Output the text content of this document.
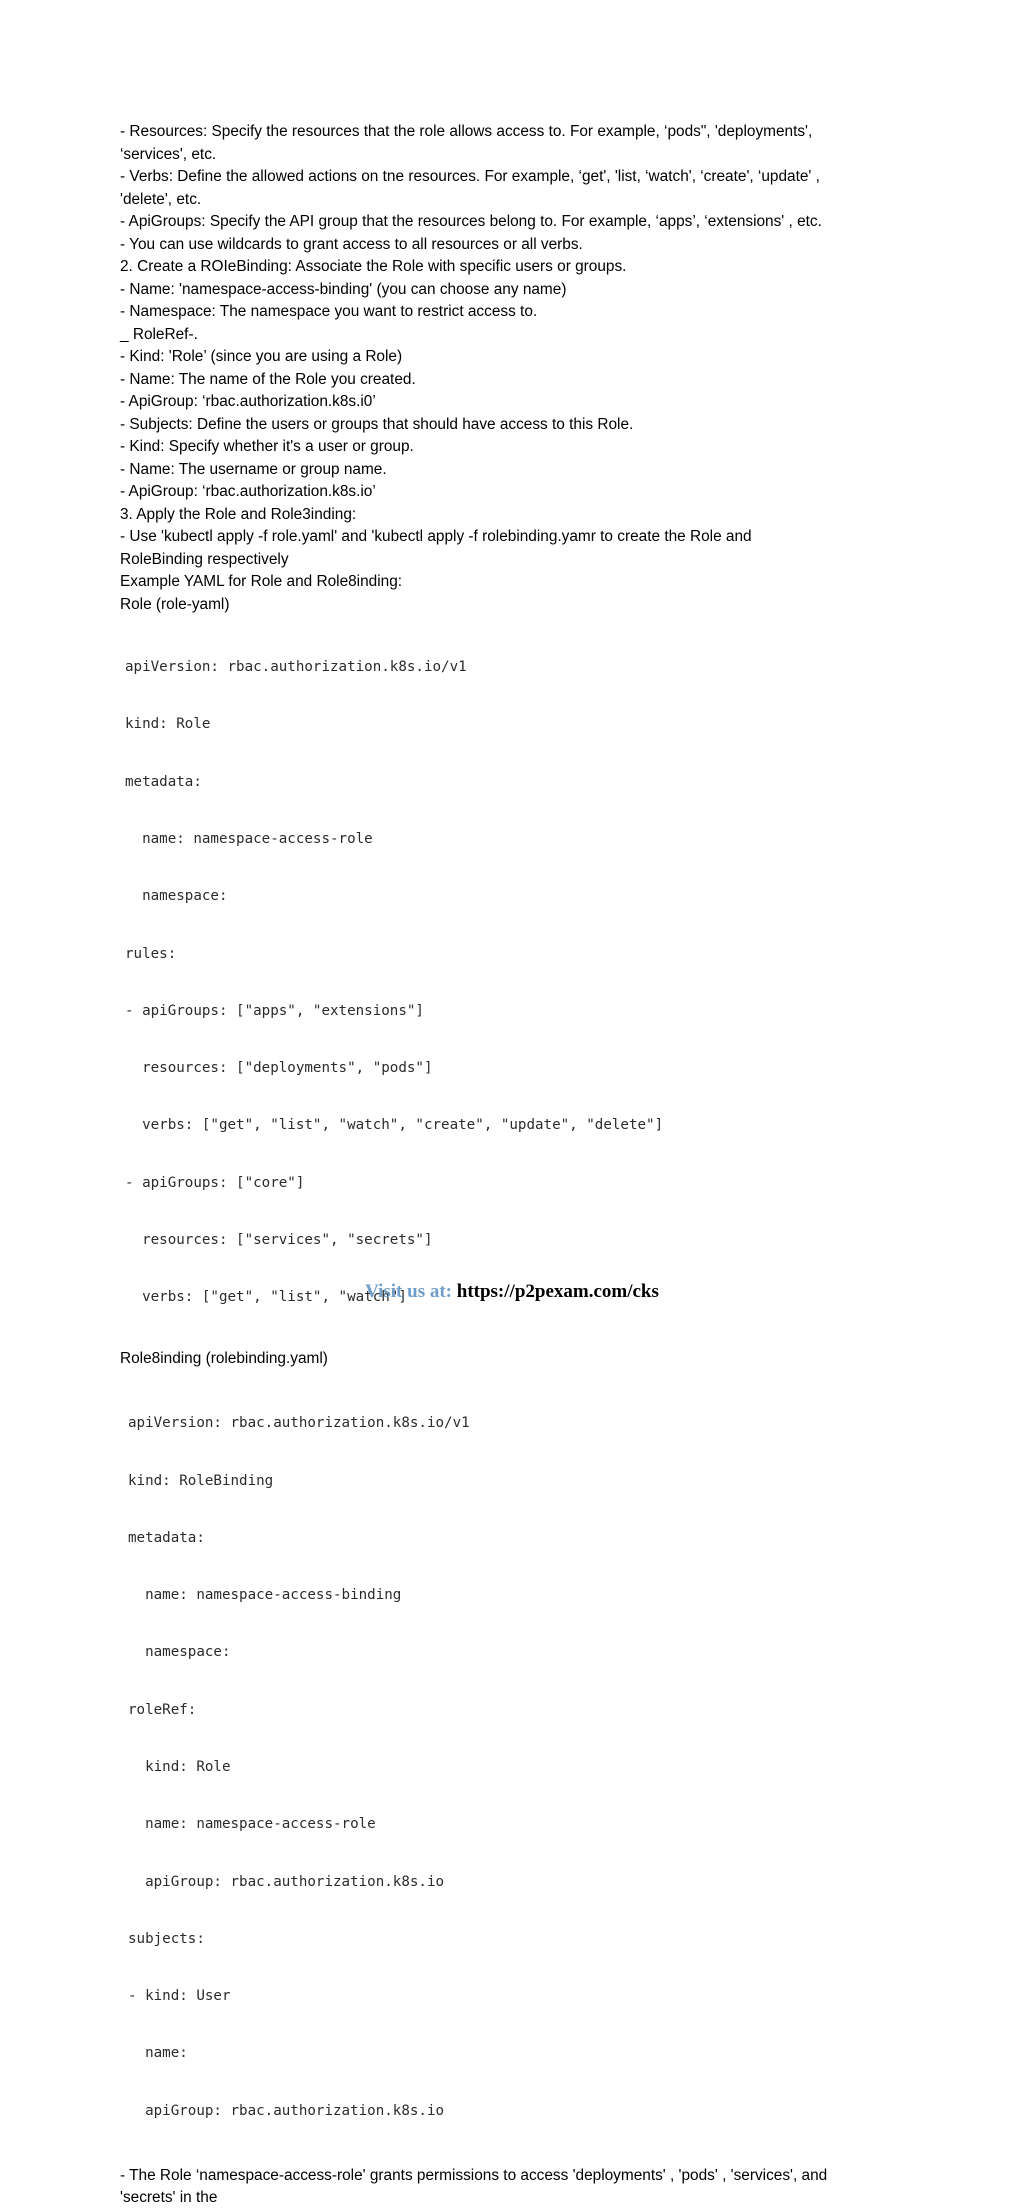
- Resources: Specify the resources that the role allows access to. For example, ‘pods", 'deployments',

‘services', etc.

- Verbs: Define the allowed actions on tne resources. For example, ‘get', 'list, ‘watch', ‘create', ‘update' ,

'delete', etc.

- ApiGroups: Specify the API group that the resources belong to. For example, ‘apps’, ‘extensions' , etc.

- You can use wildcards to grant access to all resources or all verbs.

2. Create a ROIeBinding: Associate the Role with specific users or groups.

- Name: 'namespace-access-binding' (you can choose any name)

- Namespace: The namespace you want to restrict access to.

_ RoleRef-.

- Kind: 'Role’ (since you are using a Role)

- Name: The name of the Role you created.

- ApiGroup: ‘rbac.authorization.k8s.i0’

- Subjects: Define the users or groups that should have access to this Role.

- Kind: Specify whether it's a user or group.

- Name: The username or group name.

- ApiGroup: ‘rbac.authorization.k8s.io’

3. Apply the Role and Role3inding:

- Use 'kubectl apply -f role.yaml' and 'kubectl apply -f rolebinding.yamr to create the Role and

RoleBinding respectively

Example YAML for Role and Role8inding:

Role (role-yaml)

apiVersion: rbac.authorization.k8s.io/v1

kind: Role

metadata:

name: namespace-access-role

namespace:

rules:

- apiGroups: ["apps", "extensions"]

resources: ["deployments", "pods"]

verbs: ["get", "list", "watch", "create", "update", "delete"]

- apiGroups: ["core"]

resources: ["services", "secrets"]

verbs: ["get", "list", "watch"]

Role8inding (rolebinding.yaml)

apiVersion: rbac.authorization.k8s.io/v1

kind: RoleBinding

metadata:

name: namespace-access-binding

namespace:

roleRef:

kind: Role

name: namespace-access-role

apiGroup: rbac.authorization.k8s.io

subjects:

- kind: User

name:

apiGroup: rbac.authorization.k8s.io

- The Role ‘namespace-access-role' grants permissions to access 'deployments' , 'pods' , 'services', and

'secrets' in the

Visit us at: https://p2pexam.com/cks
